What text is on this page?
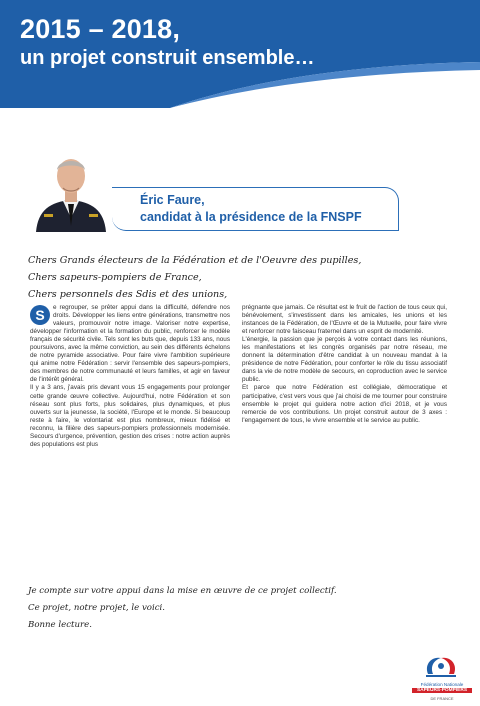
2015 – 2018,
un projet construit ensemble…
Éric Faure,
candidat à la présidence de la FNSPF
Chers Grands électeurs de la Fédération et de l'Oeuvre des pupilles,
Chers sapeurs-pompiers de France,
Chers personnels des Sdis et des unions,
S	e regrouper, se prêter appui dans la difficulté, défendre nos droits. Développer les liens entre générations, transmettre nos valeurs, promouvoir notre image. Valoriser notre expertise, développer l'information et la formation du public, renforcer le modèle français de sécurité civile. Tels sont les buts que, depuis 133 ans, nous poursuivons, avec la même conviction, au sein des différents échelons de notre pyramide associative. Pour faire vivre l'ambition supérieure qui anime notre Fédération : servir l'ensemble des sapeurs-pompiers, des membres de notre communauté et leurs familles, et agir en faveur de l'intérêt général.

Il y a 3 ans, j'avais pris devant vous 15 engagements pour prolonger cette grande œuvre collective. Aujourd'hui, notre Fédération et son réseau sont plus forts, plus solidaires, plus dynamiques, et plus ouverts sur la jeunesse, la société, l'Europe et le monde. Si beaucoup reste à faire, le volontariat est plus nombreux, mieux fidélisé et reconnu, la filière des sapeurs-pompiers professionnels modernisée. Secours d'urgence, prévention, gestion des crises : notre action auprès des populations est plus

prégnante que jamais. Ce résultat est le fruit de l'action de tous ceux qui, bénévolement, s'investissent dans les amicales, les unions et les instances de la Fédération, de l'Œuvre et de la Mutuelle, pour faire vivre et renforcer notre faisceau fraternel dans un esprit de modernité.

L'énergie, la passion que je perçois à votre contact dans les réunions, les manifestations et les congrès organisés par notre réseau, me donnent la détermination d'être candidat à un nouveau mandat à la présidence de notre Fédération, pour conforter le rôle du tissu associatif dans la vie de notre modèle de secours, en coproduction avec le service public.

Et parce que notre Fédération est collégiale, démocratique et participative, c'est vers vous que j'ai choisi de me tourner pour construire ensemble le projet qui guidera notre action d'ici 2018, et je vous remercie de vos contributions. Un projet construit autour de 3 axes : l'engagement de tous, le vivre ensemble et le service au public.

Je compte sur votre appui dans la mise en œuvre de ce projet collectif.
Ce projet, notre projet, le voici.
Bonne lecture.
Fédération Nationale
SAPEURS-POMPIERS
DE FRANCE
